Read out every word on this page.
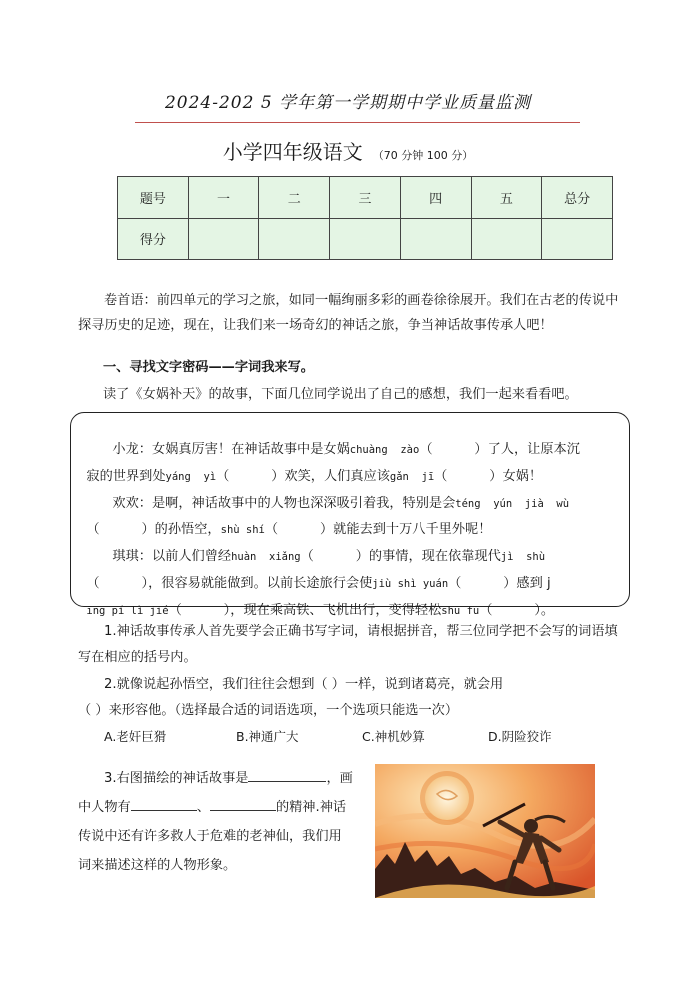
2024-202 5 学年第一学期期中学业质量监测
小学四年级语文 （70 分钟 100 分）
题号	一	二	三	四	五	总分
得分						
卷首语：前四单元的学习之旅，如同一幅绚丽多彩的画卷徐徐展开。我们在古老的传说中探寻历史的足迹，现在，让我们来一场奇幻的神话之旅，争当神话故事传承人吧！
一、寻找文字密码——字词我来写。
读了《女娲补天》的故事，下面几位同学说出了自己的感想，我们一起来看看吧。

小龙：女娲真厉害！在神话故事中是女娲chuàng  zào（          ）了人，让原本沉

寂的世界到处yáng  yì（          ）欢笑，人们真应该gǎn  jī（          ）女娲！

欢欢：是啊，神话故事中的人物也深深吸引着我，特别是会téng  yún  jià  wù

（          ）的孙悟空，shù shí（          ）就能去到十万八千里外呢！

琪琪：以前人们曾经huàn  xiǎng（          ）的事情，现在依靠现代jì  shù

（          ），很容易就能做到。以前长途旅行会使jiù shì yuán（          ）感到 j

īng pí lì jié（          ），现在乘高铁、飞机出行，变得轻松shū fu（          ）。

1.神话故事传承人首先要学会正确书写字词，请根据拼音，帮三位同学把不会写的词语填写在相应的括号内。
2.就像说起孙悟空，我们往往会想到（ ）一样，说到诸葛亮，就会用
（ ）来形容他。（选择最合适的词语选项，一个选项只能选一次）
A.老奸巨猾	B.神通广大	C.神机妙算	D.阴险狡诈
3.右图描绘的神话故事是	，画
中人物有	、	的精神.神话
传说中还有许多救人于危难的老神仙，我们用
词来描述这样的人物形象。
